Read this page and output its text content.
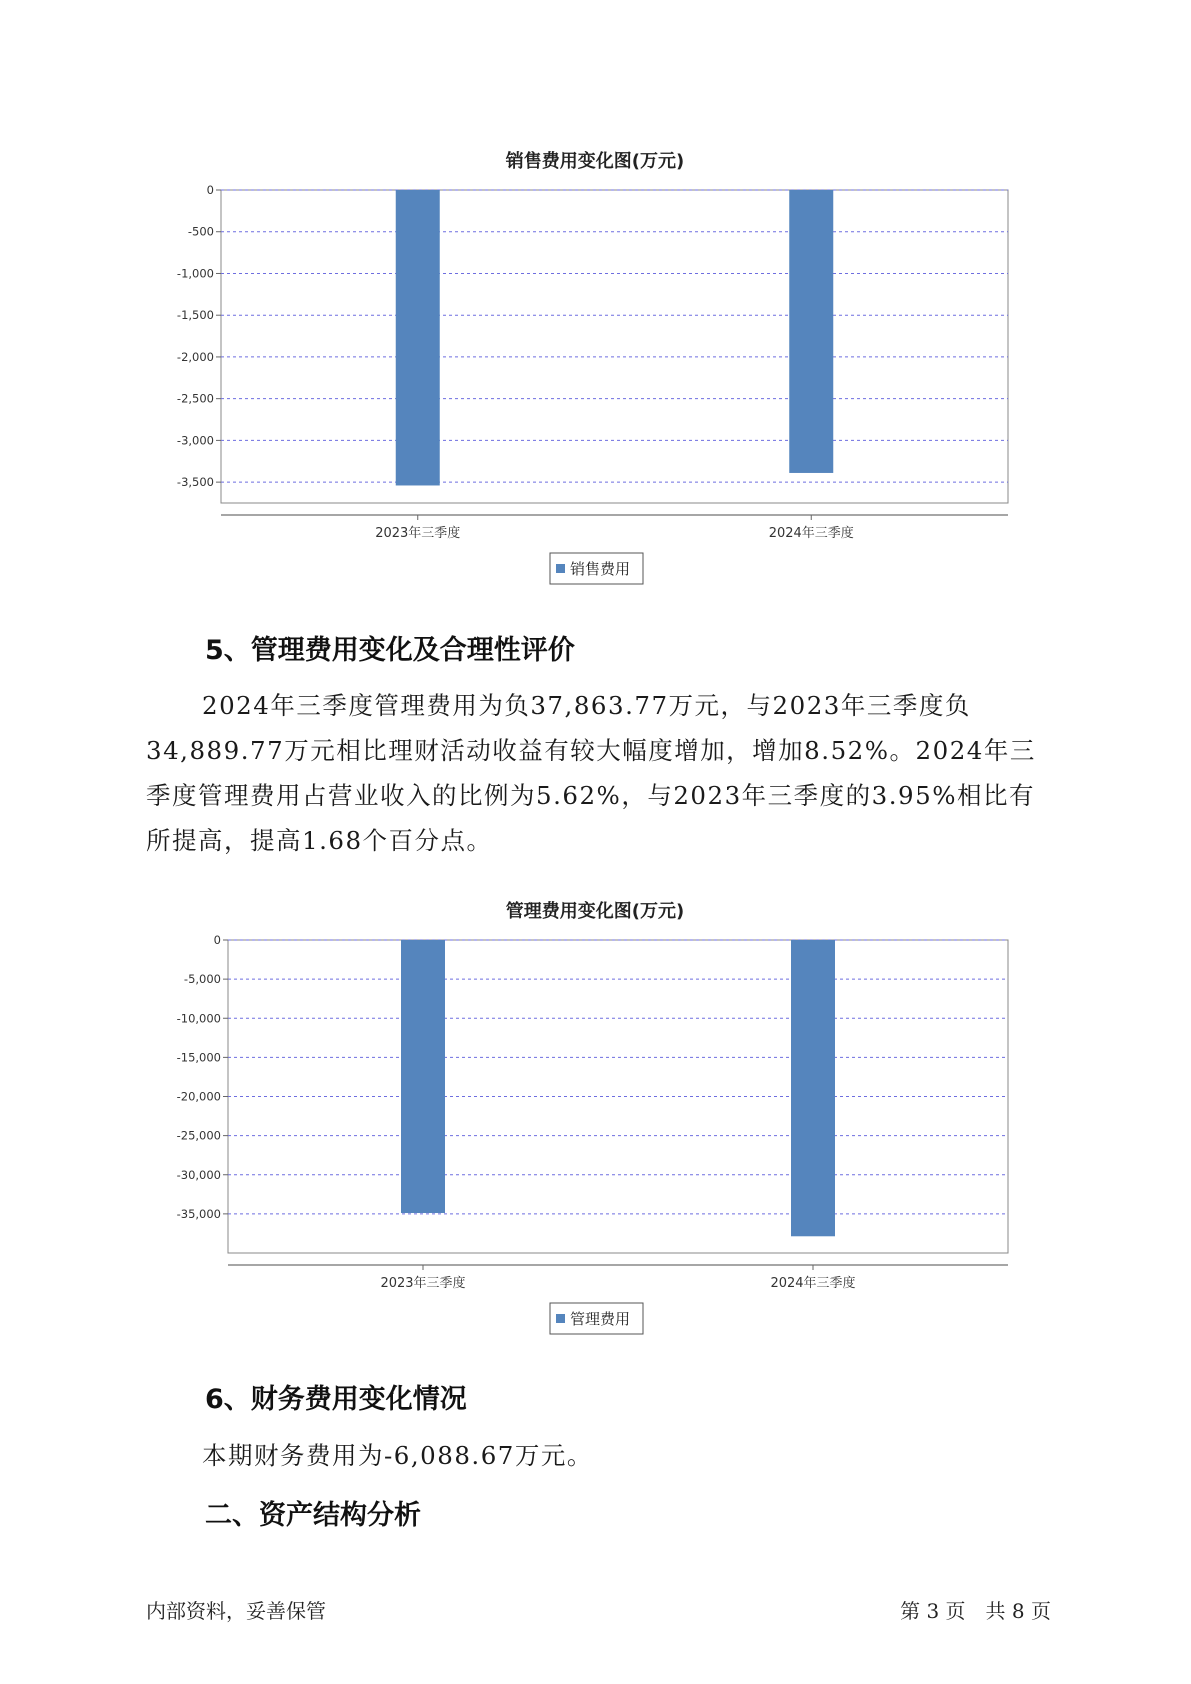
销售费用变化图(万元)
0
-500
-1,000
-1,500
-2,000
-2,500
-3,000
-3,500
2023年三季度	2024年三季度
销售费用
5、管理费用变化及合理性评价

2024年三季度管理费用为负37,863.77万元，与2023年三季度负34,889.77万元相比理财活动收益有较大幅度增加，增加8.52%。2024年三季度管理费用占营业收入的比例为5.62%，与2023年三季度的3.95%相比有所提高，提高1.68个百分点。

管理费用变化图(万元)
0
-5,000
-10,000
-15,000
-20,000
-25,000
-30,000
-35,000
2023年三季度	2024年三季度
管理费用
6、财务费用变化情况

本期财务费用为-6,088.67万元。

二、资产结构分析
内部资料，妥善保管	第 3 页　共 8 页
